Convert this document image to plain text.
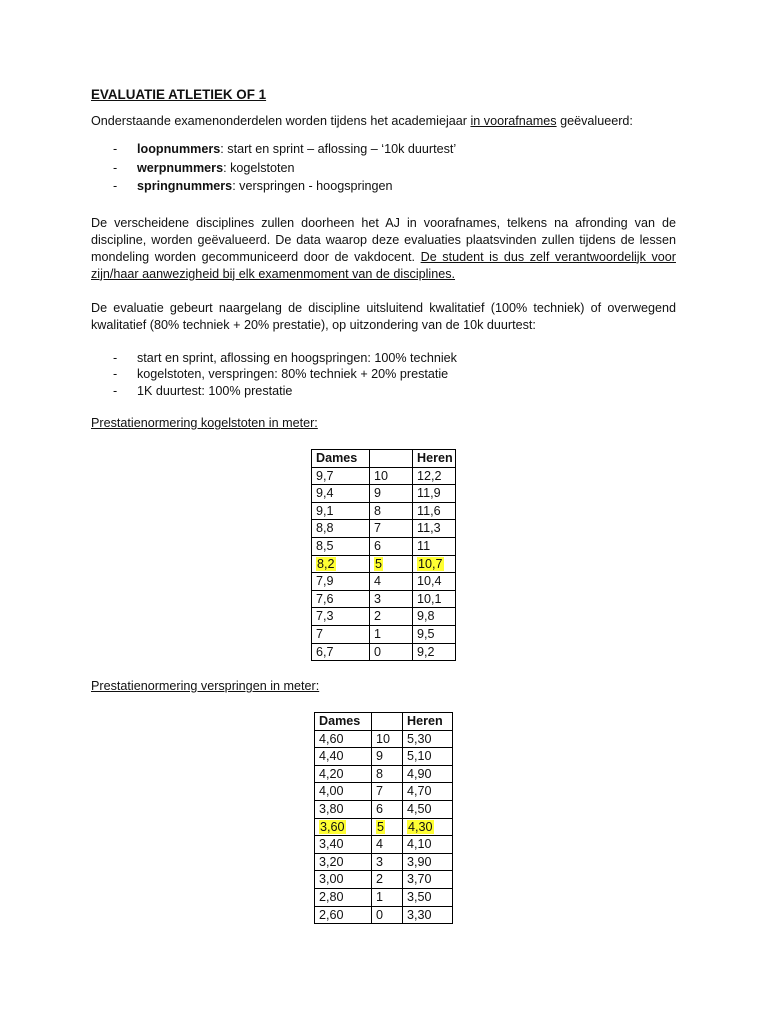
EVALUATIE ATLETIEK OF 1

Onderstaande examenonderdelen worden tijdens het academiejaar in voorafnames geëvalueerd:

- loopnummers: start en sprint – aflossing – ‘10k duurtest’
- werpnummers: kogelstoten
- springnummers: verspringen - hoogspringen

De verscheidene disciplines zullen doorheen het AJ in voorafnames, telkens na afronding van de discipline, worden geëvalueerd. De data waarop deze evaluaties plaatsvinden zullen tijdens de lessen mondeling worden gecommuniceerd door de vakdocent. De student is dus zelf verantwoordelijk voor zijn/haar aanwezigheid bij elk examenmoment van de disciplines.

De evaluatie gebeurt naargelang de discipline uitsluitend kwalitatief (100% techniek) of overwegend kwalitatief (80% techniek + 20% prestatie), op uitzondering van de 10k duurtest:

- start en sprint, aflossing en hoogspringen: 100% techniek
- kogelstoten, verspringen: 80% techniek + 20% prestatie
- 1K duurtest: 100% prestatie
Prestatienormering kogelstoten in meter:
Dames		Heren
9,7	10	12,2
9,4	9	11,9
9,1	8	11,6
8,8	7	11,3
8,5	6	11
8,2	5	10,7
7,9	4	10,4
7,6	3	10,1
7,3	2	9,8
7	1	9,5
6,7	0	9,2
Prestatienormering verspringen in meter:
Dames		Heren
4,60	10	5,30
4,40	9	5,10
4,20	8	4,90
4,00	7	4,70
3,80	6	4,50
3,60	5	4,30
3,40	4	4,10
3,20	3	3,90
3,00	2	3,70
2,80	1	3,50
2,60	0	3,30
